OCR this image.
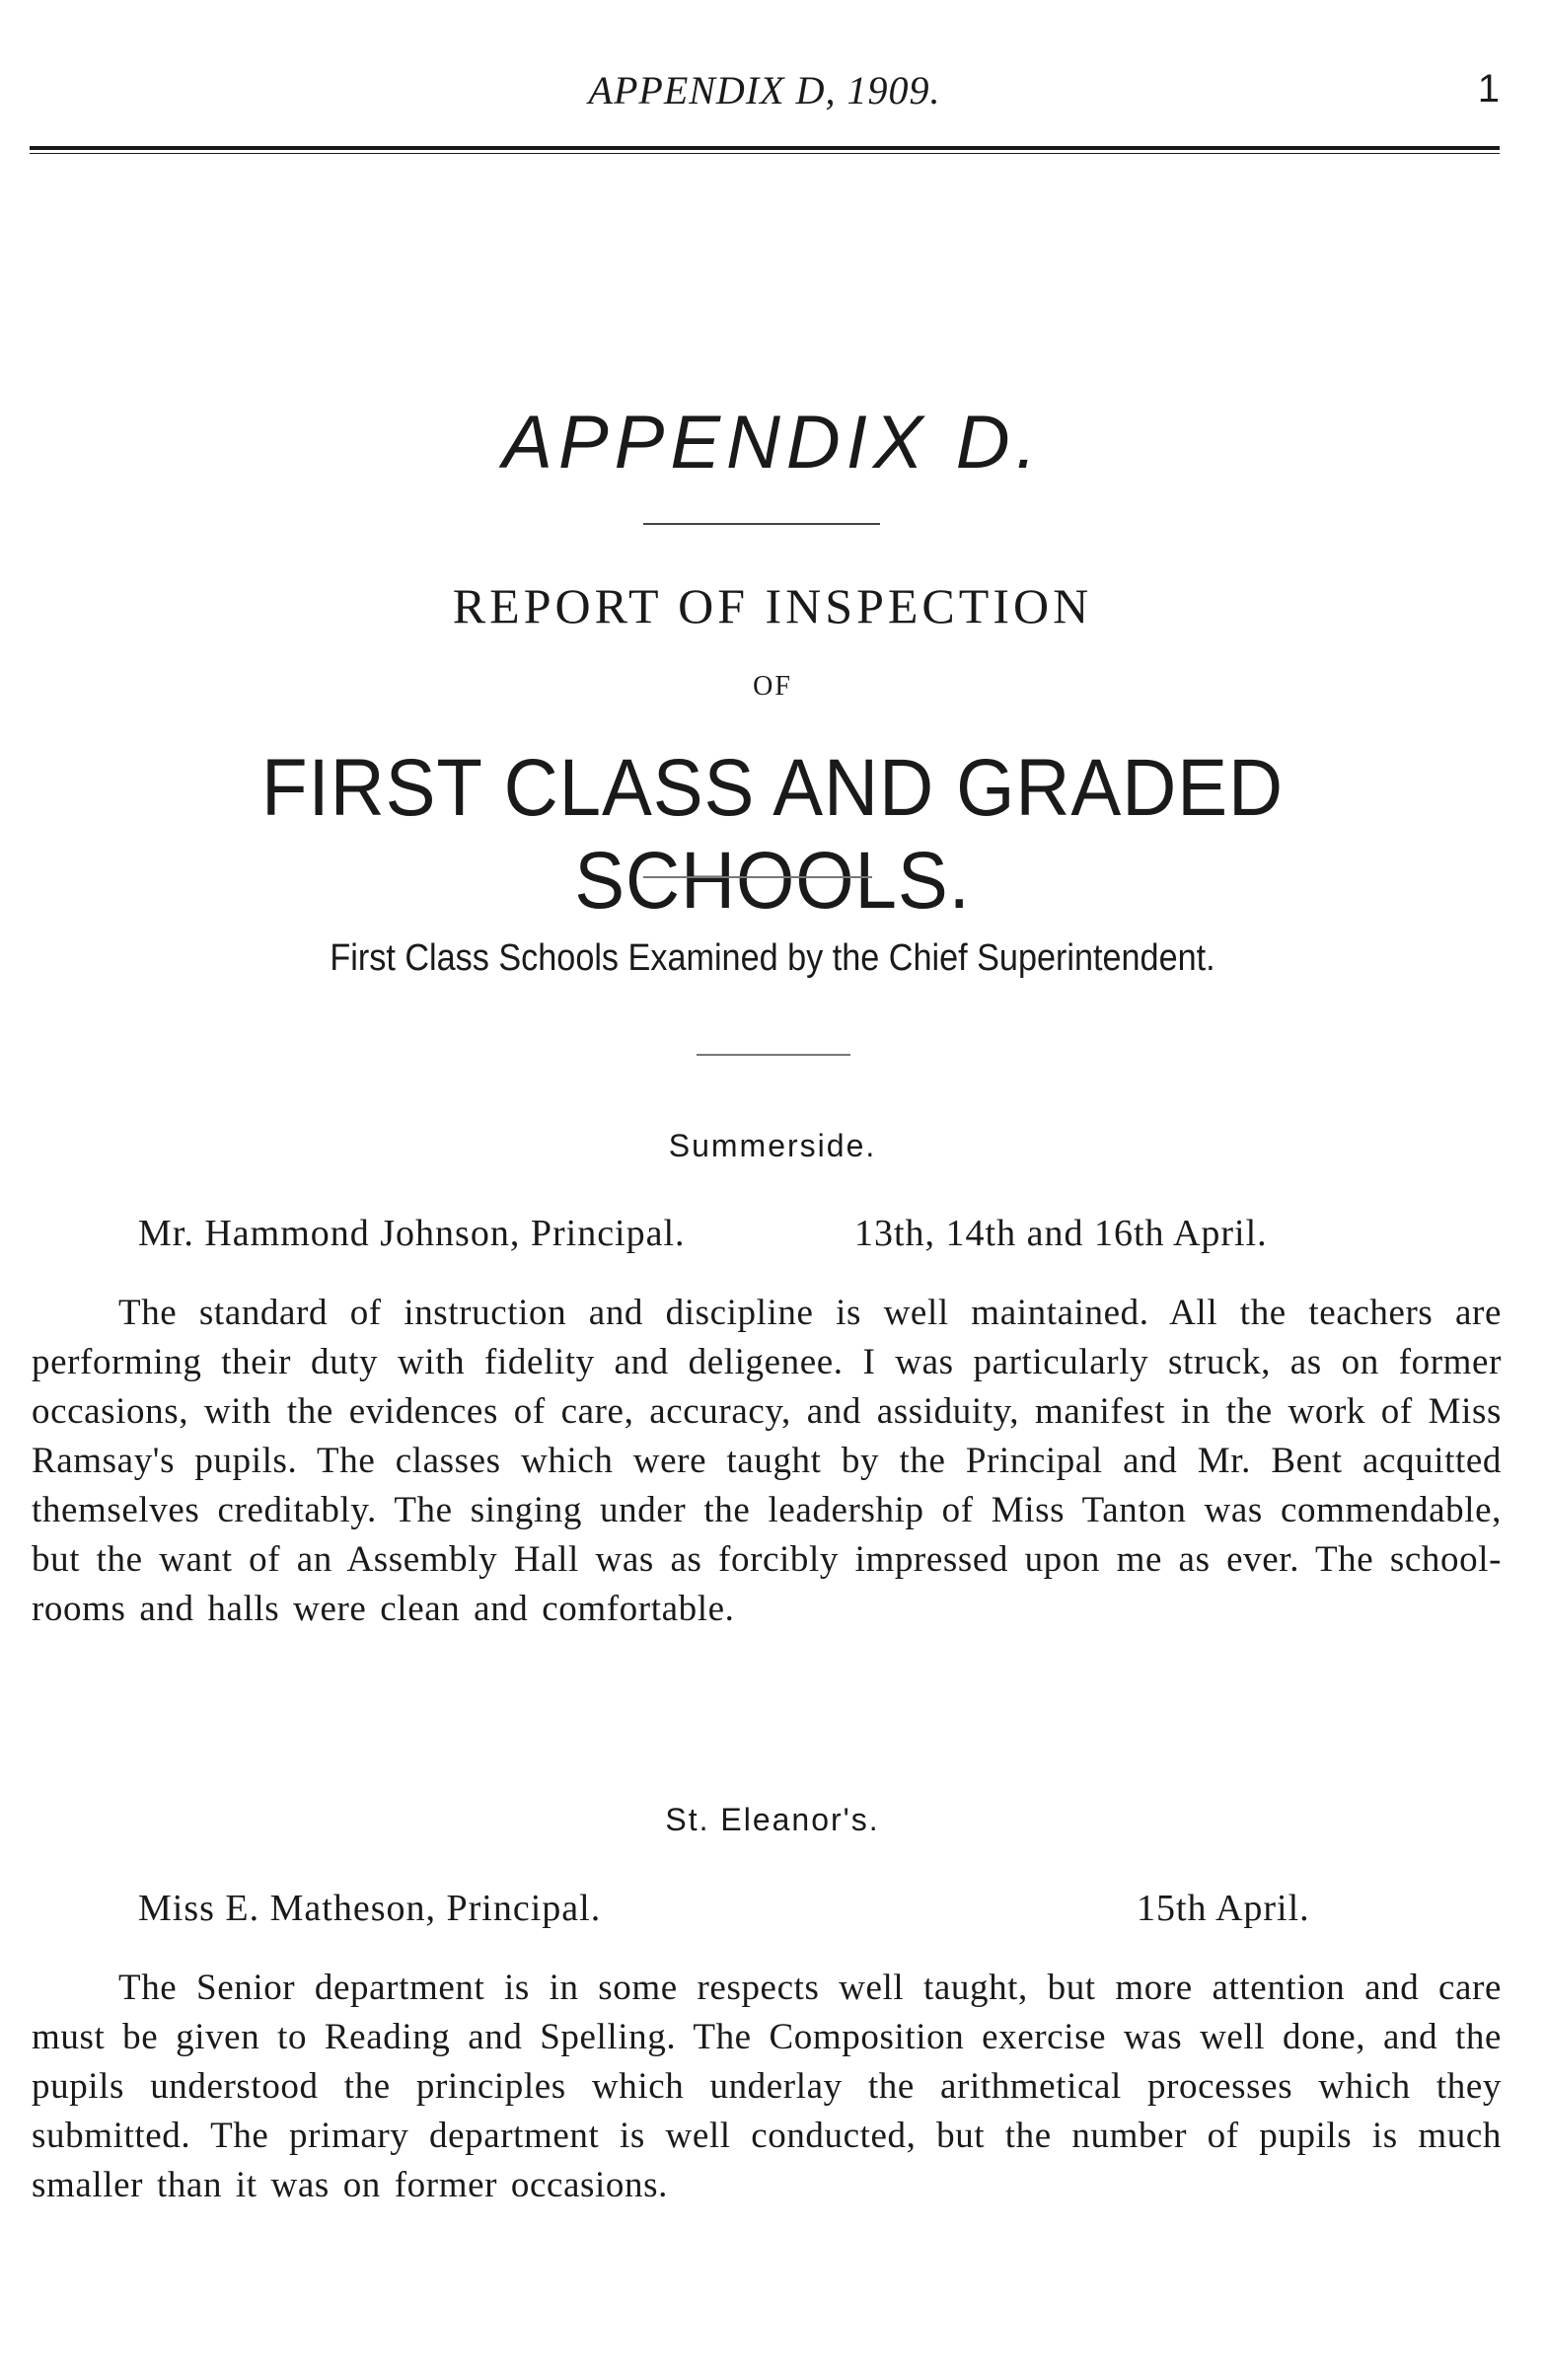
APPENDIX D, 1909.	1
APPENDIX D.
REPORT OF INSPECTION
OF
FIRST CLASS AND GRADED SCHOOLS.
First Class Schools Examined by the Chief Superintendent.
Summerside.
Mr. Hammond Johnson, Principal.	13th, 14th and 16th April.

The standard of instruction and discipline is well maintained. All the teachers are performing their duty with fidelity and deligenee. I was particularly struck, as on former occasions, with the evidences of care, accuracy, and assiduity, manifest in the work of Miss Ramsay's pupils. The classes which were taught by the Principal and Mr. Bent acquitted themselves creditably. The singing under the leadership of Miss Tanton was commendable, but the want of an Assembly Hall was as forcibly impressed upon me as ever. The school-rooms and halls were clean and comfortable.

St. Eleanor's.
Miss E. Matheson, Principal.	15th April.

The Senior department is in some respects well taught, but more attention and care must be given to Reading and Spelling. The Composition exercise was well done, and the pupils understood the principles which underlay the arithmetical processes which they submitted. The primary department is well conducted, but the number of pupils is much smaller than it was on former occasions.
